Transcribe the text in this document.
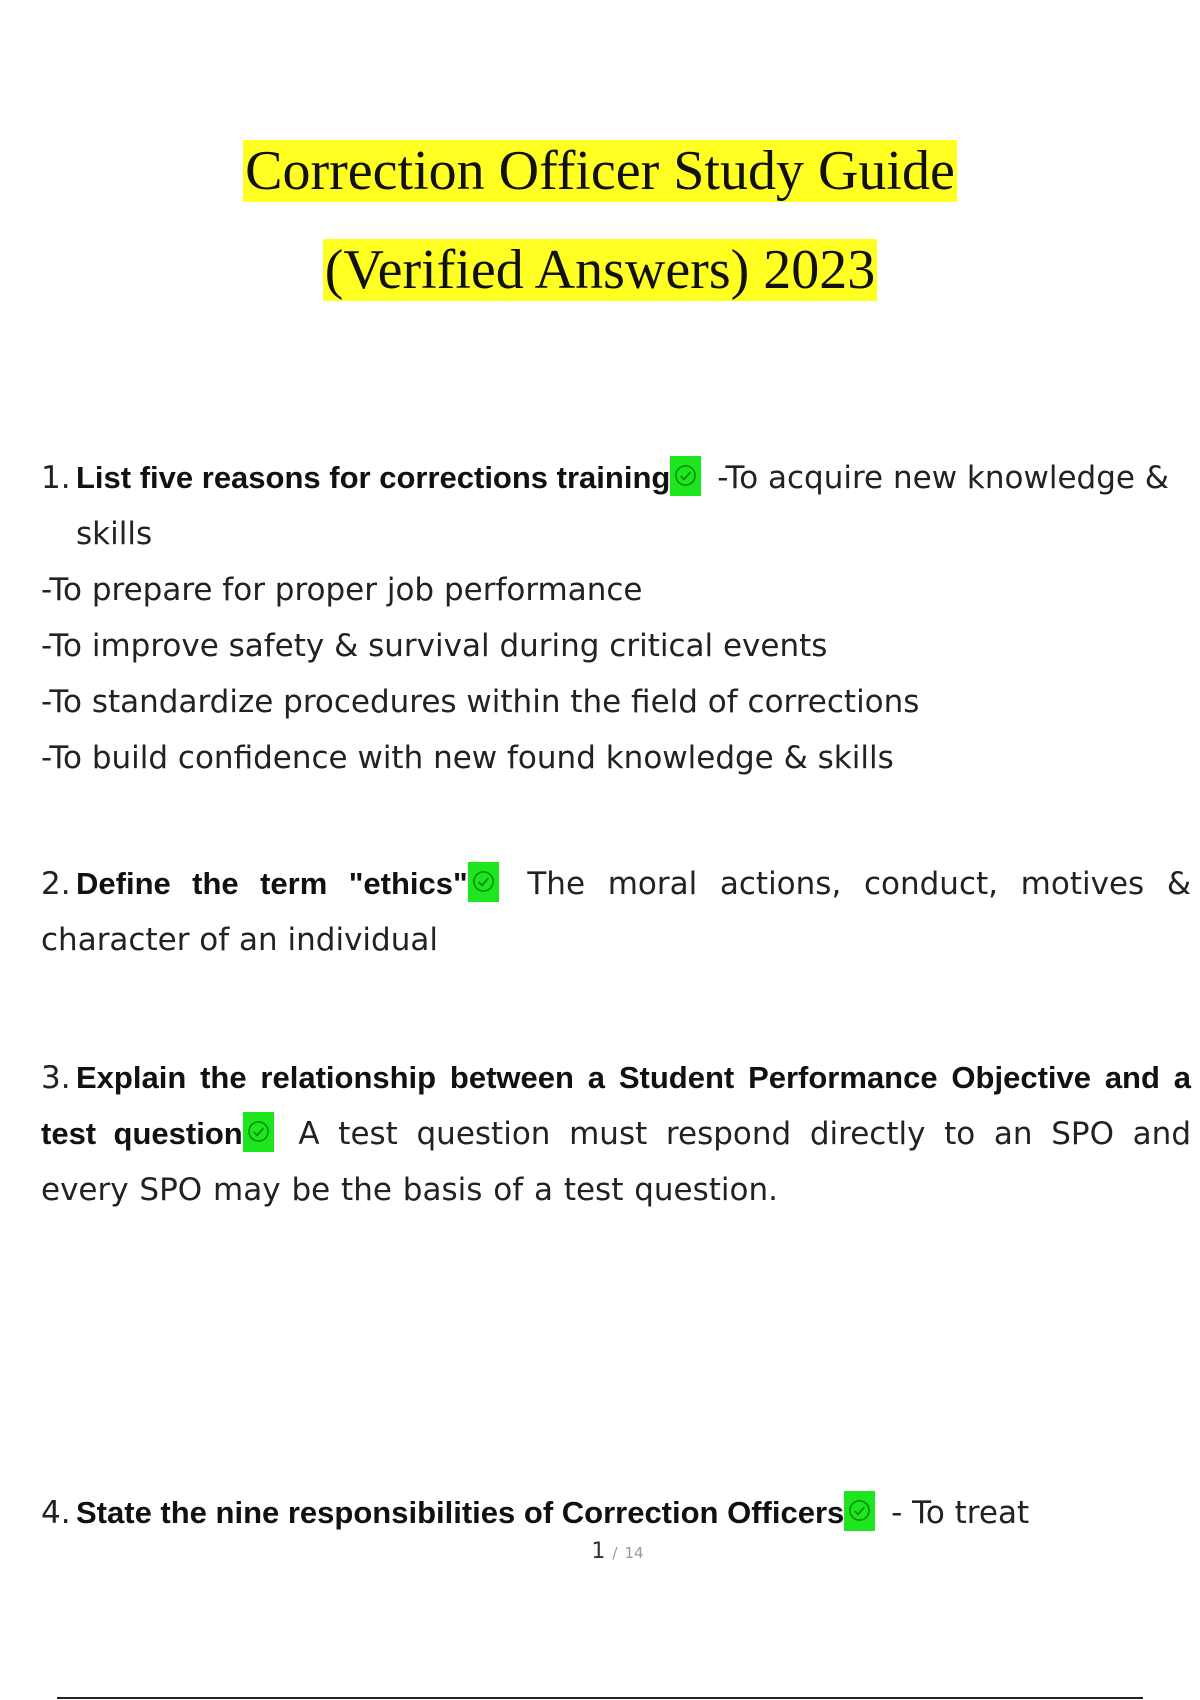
Correction Officer Study Guide
(Verified Answers) 2023
1. List five reasons for corrections training -To acquire new knowledge &
skills
-To prepare for proper job performance
-To improve safety & survival during critical events
-To standardize procedures within the field of corrections
-To build confidence with new found knowledge & skills
2. Define the term "ethics" The moral actions, conduct, motives & character of an individual
3. Explain the relationship between a Student Performance Objective and a test question A test question must respond directly to an SPO and every SPO may be the basis of a test question.
4. State the nine responsibilities of Correction Officers - To treat
1 / 14
